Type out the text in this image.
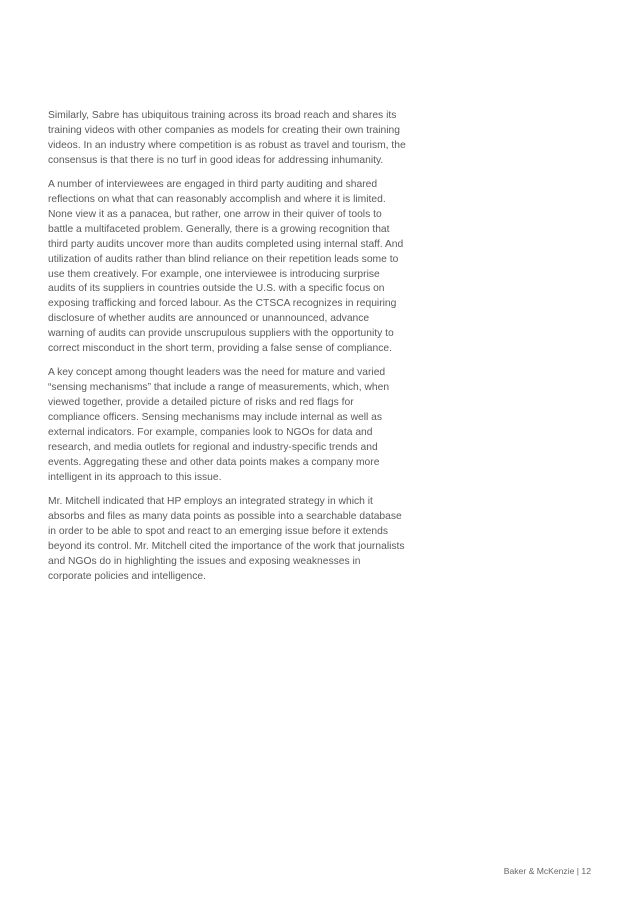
Similarly, Sabre has ubiquitous training across its broad reach and shares its training videos with other companies as models for creating their own training videos. In an industry where competition is as robust as travel and tourism, the consensus is that there is no turf in good ideas for addressing inhumanity.

A number of interviewees are engaged in third party auditing and shared reflections on what that can reasonably accomplish and where it is limited. None view it as a panacea, but rather, one arrow in their quiver of tools to battle a multifaceted problem. Generally, there is a growing recognition that third party audits uncover more than audits completed using internal staff. And utilization of audits rather than blind reliance on their repetition leads some to use them creatively. For example, one interviewee is introducing surprise audits of its suppliers in countries outside the U.S. with a specific focus on exposing trafficking and forced labour. As the CTSCA recognizes in requiring disclosure of whether audits are announced or unannounced, advance warning of audits can provide unscrupulous suppliers with the opportunity to correct misconduct in the short term, providing a false sense of compliance.

A key concept among thought leaders was the need for mature and varied “sensing mechanisms” that include a range of measurements, which, when viewed together, provide a detailed picture of risks and red flags for compliance officers. Sensing mechanisms may include internal as well as external indicators. For example, companies look to NGOs for data and research, and media outlets for regional and industry-specific trends and events. Aggregating these and other data points makes a company more intelligent in its approach to this issue.

Mr. Mitchell indicated that HP employs an integrated strategy in which it absorbs and files as many data points as possible into a searchable database in order to be able to spot and react to an emerging issue before it extends beyond its control. Mr. Mitchell cited the importance of the work that journalists and NGOs do in highlighting the issues and exposing weaknesses in corporate policies and intelligence.

Baker & McKenzie | 12
